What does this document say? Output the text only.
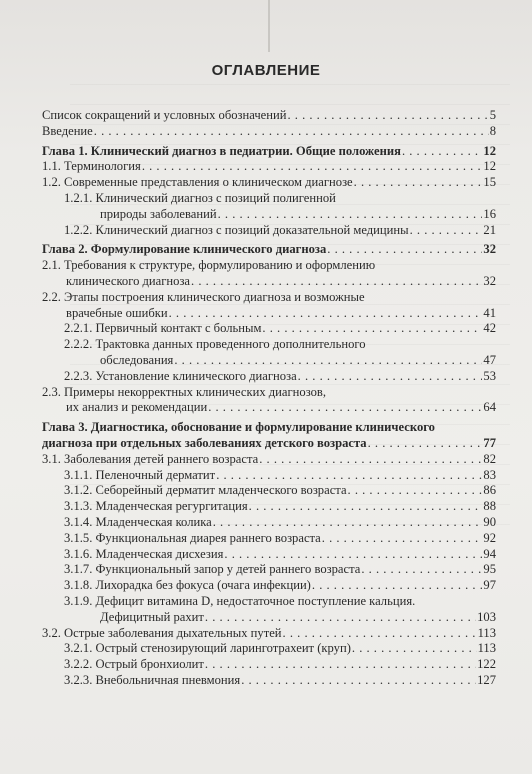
ОГЛАВЛЕНИЕ
Список сокращений и условных обозначений . . .	5
Введение . . .	8
Глава 1. Клинический диагноз в педиатрии. Общие положения . . .	12
1.1. Терминология . . .	12
1.2. Современные представления о клиническом диагнозе . . .	15
1.2.1. Клинический диагноз с позиций полигенной
природы заболеваний . . .	16
1.2.2. Клинический диагноз с позиций доказательной медицины . . .	21
Глава 2. Формулирование клинического диагноза . . .	32
2.1. Требования к структуре, формулированию и оформлению
клинического диагноза . . .	32
2.2. Этапы построения клинического диагноза и возможные
врачебные ошибки . . .	41
2.2.1. Первичный контакт с больным . . .	42
2.2.2. Трактовка данных проведенного дополнительного
обследования . . .	47
2.2.3. Установление клинического диагноза . . .	53
2.3. Примеры некорректных клинических диагнозов,
их анализ и рекомендации . . .	64
Глава 3. Диагностика, обоснование и формулирование клинического
диагноза при отдельных заболеваниях детского возраста . . .	77
3.1. Заболевания детей раннего возраста . . .	82
3.1.1. Пеленочный дерматит . . .	83
3.1.2. Себорейный дерматит младенческого возраста . . .	86
3.1.3. Младенческая регургитация . . .	88
3.1.4. Младенческая колика . . .	90
3.1.5. Функциональная диарея раннего возраста . . .	92
3.1.6. Младенческая дисхезия . . .	94
3.1.7. Функциональный запор у детей раннего возраста . . .	95
3.1.8. Лихорадка без фокуса (очага инфекции) . . .	97
3.1.9. Дефицит витамина D, недостаточное поступление кальция.
Дефицитный рахит . . .	103
3.2. Острые заболевания дыхательных путей . . .	113
3.2.1. Острый стенозирующий ларинготрахеит (круп) . . .	113
3.2.2. Острый бронхиолит . . .	122
3.2.3. Внебольничная пневмония . . .	127
